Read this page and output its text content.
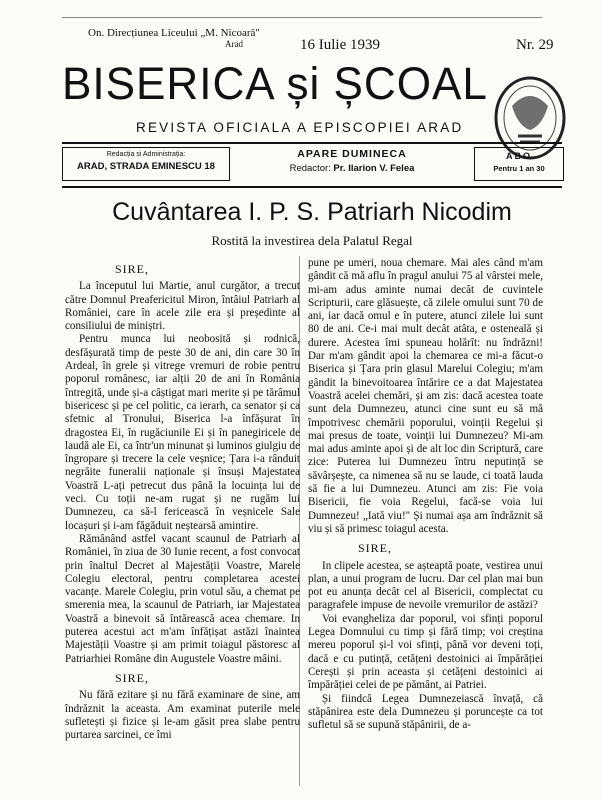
On. Direcțiunea Liceului „M. Nicoară"
Arad	16 Iulie 1939	Nr. 29
BISERICA și ȘCOAL
REVISTA OFICIALA A EPISCOPIEI ARAD
Redacția și Administrația:
ARAD, STRADA EMINESCU 18
APARE DUMINECA
Redactor: Pr. Ilarion V. Felea
ABO
Pentru 1 an 30
Cuvântarea I. P. S. Patriarh Nicodim
Rostită la investirea dela Palatul Regal

SIRE,

La începutul lui Martie, anul curgător, a trecut către Domnul Preafericitul Miron, întâiul Patriarh al României, care în acele zile era și președinte al consiliului de miniștri.

Pentru munca lui neobosită și rodnică, desfășurată timp de peste 30 de ani, din care 30 în Ardeal, în grele și vitrege vremuri de robie pentru poporul românesc, iar alții 20 de ani în România întregită, unde și-a câștigat mari merite și pe tărâmul bisericesc și pe cel politic, ca ierarh, ca senator și ca sfetnic al Tronului, Biserica l-a înfășurat în dragostea Ei, în rugăciunile Ei și în panegiricele de laudă ale Ei, ca într'un minunat și luminos giulgiu de îngropare și trecere la cele veșnice; Țara i-a rânduit negrăite funeralii naționale și însuși Majestatea Voastră L-ați petrecut dus până la locuința lui de veci. Cu toții ne-am rugat și ne rugăm lui Dumnezeu, ca să-l fericească în veșnicele Sale locașuri și i-am făgăduit neștearsă amintire.

Rămânând astfel vacant scaunul de Patriarh al României, în ziua de 30 Iunie recent, a fost convocat prin înaltul Decret al Majestății Voastre, Marele Colegiu electoral, pentru completarea acestei vacanțe. Marele Colegiu, prin votul său, a chemat pe smerenia mea, la scaunul de Patriarh, iar Majestatea Voastră a binevoit să întărească acea chemare. In puterea acestui act m'am înfățișat astăzi înaintea Majestății Voastre și am primit toiagul păstoresc al Patriarhiei Române din Augustele Voastre mâini.

SIRE,

Nu fără ezitare și nu fără examinare de sine, am îndrăznit la aceasta. Am examinat puterile mele sufletești și fizice și le-am găsit prea slabe pentru purtarea sarcinei, ce îmi

pune pe umeri, noua chemare. Mai ales când m'am gândit că mă aflu în pragul anului 75 al vârstei mele, mi-am adus aminte numai decât de cuvintele Scripturii, care glăsuește, că zilele omului sunt 70 de ani, iar dacă omul e în putere, atunci zilele lui sunt 80 de ani. Ce-i mai mult decât atâta, e osteneală și durere. Acestea îmi spuneau holărît: nu îndrăzni! Dar m'am gândit apoi la chemarea ce mi-a făcut-o Biserica și Țara prin glasul Marelui Colegiu; m'am gândit la binevoitoarea întărire ce a dat Majestatea Voastră acelei chemări, și am zis: dacă acestea toate sunt dela Dumnezeu, atunci cine sunt eu să mă împotrivesc chemării poporului, voinții Regelui și mai presus de toate, voinții lui Dumnezeu? Mi-am mai adus aminte apoi și de alt loc din Scriptură, care zice: Puterea lui Dumnezeu întru neputință se săvârșește, ca nimenea să nu se laude, ci toată lauda să fie a lui Dumnezeu. Atunci am zis: Fie voia Bisericii, fie voia Regelui, facă-se voia lui Dumnezeu! „Iată viu!" Și numai așa am îndrăznit să viu și să primesc toiagul acesta.

SIRE,

In clipele acestea, se așteaptă poate, vestirea unui plan, a unui program de lucru. Dar cel plan mai bun pot eu anunța decât cel al Bisericii, complectat cu paragrafele impuse de nevoile vremurilor de astăzi?

Voi evangheliza dar poporul, voi sfinți poporul Legea Domnului cu timp și fără timp; voi creștina mereu poporul și-l voi sfinți, până vor deveni toți, dacă e cu putință, cetățeni destoinici ai împărăției Cerești și prin aceasta și cetățeni destoinici ai împărăției celei de pe pământ, ai Patriei.

Și fiindcă Legea Dumnezeiască învață, că stăpânirea este dela Dumnezeu și poruncește ca tot sufletul să se supună stăpânirii, de a-
